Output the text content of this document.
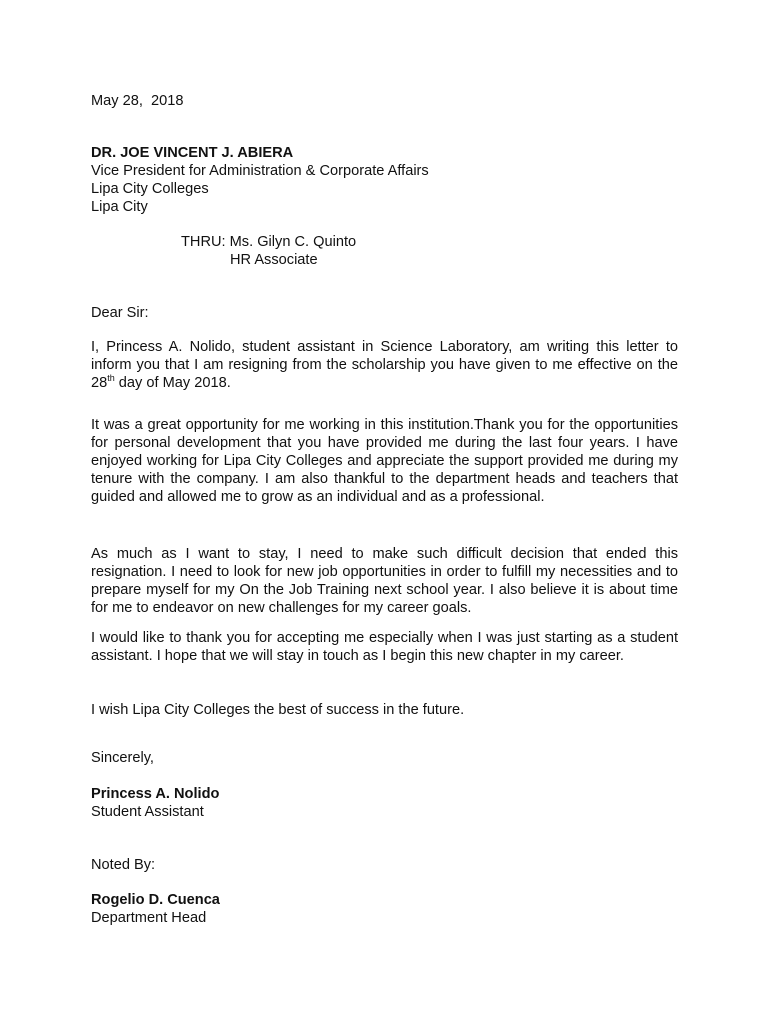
May 28,  2018
DR. JOE VINCENT J. ABIERA
Vice President for Administration & Corporate Affairs
Lipa City Colleges
Lipa City
THRU: Ms. Gilyn C. Quinto
HR Associate
Dear Sir:
I, Princess A. Nolido, student assistant in Science Laboratory, am writing this letter to inform you that I am resigning from the scholarship you have given to me effective on the 28th day of May 2018.
It was a great opportunity for me working in this institution.Thank you for the opportunities for personal development that you have provided me during the last four years. I have enjoyed working for Lipa City Colleges and appreciate the support provided me during my tenure with the company. I am also thankful to the department heads and teachers that guided and allowed me to grow as an individual and as a professional.
As much as I want to stay, I need to make such difficult decision that ended this resignation. I need to look for new job opportunities in order to fulfill my necessities and to prepare myself for my On the Job Training next school year. I also believe it is about time for me to endeavor on new challenges for my career goals.
I would like to thank you for accepting me especially when I was just starting as a student assistant. I hope that we will stay in touch as I begin this new chapter in my career.
I wish Lipa City Colleges the best of success in the future.
Sincerely,
Princess A. Nolido
Student Assistant
Noted By:
Rogelio D. Cuenca
Department Head
